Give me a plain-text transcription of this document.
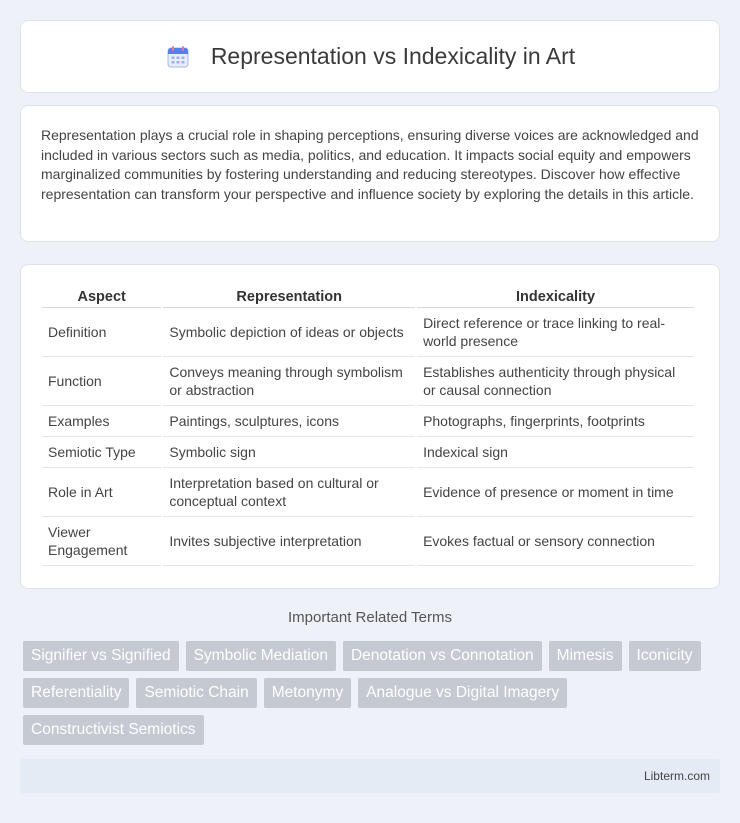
Representation vs Indexicality in Art

Representation plays a crucial role in shaping perceptions, ensuring diverse voices are acknowledged and included in various sectors such as media, politics, and education. It impacts social equity and empowers marginalized communities by fostering understanding and reducing stereotypes. Discover how effective representation can transform your perspective and influence society by exploring the details in this article.

Aspect	Representation	Indexicality
Definition	Symbolic depiction of ideas or objects	Direct reference or trace linking to real-world presence
Function	Conveys meaning through symbolism or abstraction	Establishes authenticity through physical or causal connection
Examples	Paintings, sculptures, icons	Photographs, fingerprints, footprints
Semiotic Type	Symbolic sign	Indexical sign
Role in Art	Interpretation based on cultural or conceptual context	Evidence of presence or moment in time
Viewer Engagement	Invites subjective interpretation	Evokes factual or sensory connection
Important Related Terms
Signifier vs Signified	Symbolic Mediation	Denotation vs Connotation	Mimesis	Iconicity
Referentiality	Semiotic Chain	Metonymy	Analogue vs Digital Imagery
Constructivist Semiotics
Libterm.com
